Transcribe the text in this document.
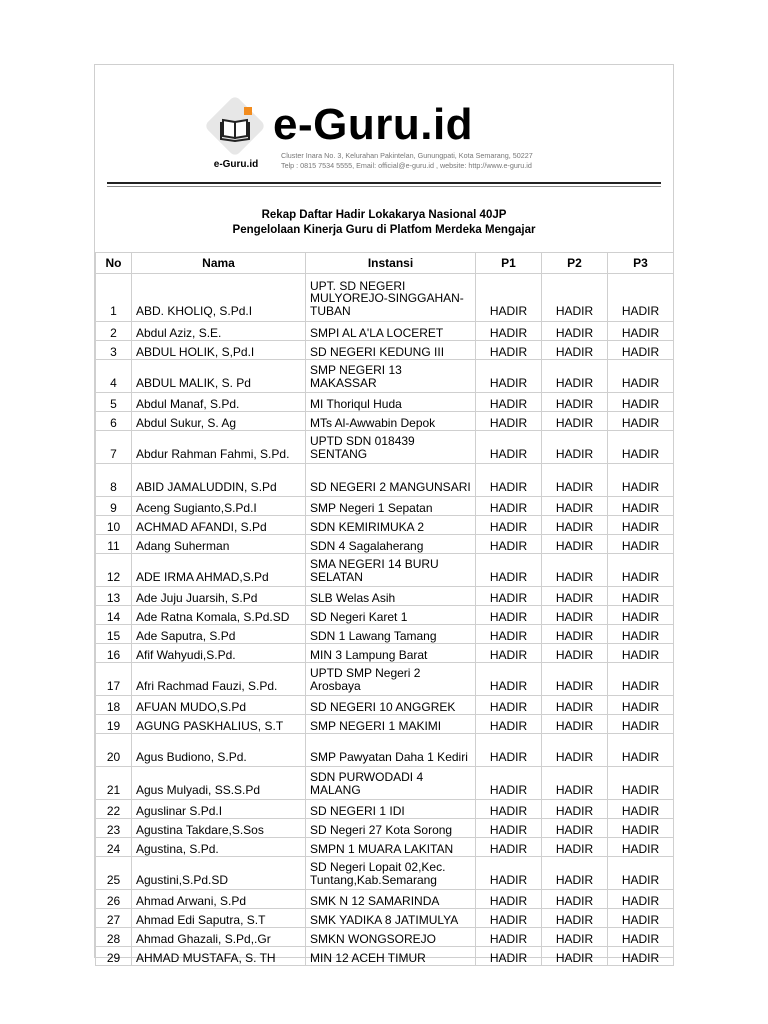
e-Guru.id
e-Guru.id
Cluster Inara No. 3, Kelurahan Pakintelan, Gunungpati, Kota Semarang, 50227
Telp : 0815 7534 5555, Email: official@e-guru.id , website: http://www.e-guru.id
Rekap Daftar Hadir Lokakarya Nasional 40JP
Pengelolaan Kinerja Guru di Platfom Merdeka Mengajar
No	Nama	Instansi	P1	P2	P3
1	ABD. KHOLIQ, S.Pd.I	UPT. SD NEGERI MULYOREJO-SINGGAHAN-TUBAN	HADIR	HADIR	HADIR
2	Abdul Aziz, S.E.	SMPI AL A'LA LOCERET	HADIR	HADIR	HADIR
3	ABDUL HOLIK, S,Pd.I	SD NEGERI KEDUNG III	HADIR	HADIR	HADIR
4	ABDUL MALIK, S. Pd	SMP NEGERI 13 MAKASSAR	HADIR	HADIR	HADIR
5	Abdul Manaf, S.Pd.	MI Thoriqul Huda	HADIR	HADIR	HADIR
6	Abdul Sukur, S. Ag	MTs Al-Awwabin Depok	HADIR	HADIR	HADIR
7	Abdur Rahman Fahmi, S.Pd.	UPTD SDN 018439 SENTANG	HADIR	HADIR	HADIR
8	ABID JAMALUDDIN, S.Pd	SD NEGERI 2 MANGUNSARI	HADIR	HADIR	HADIR
9	Aceng Sugianto,S.Pd.I	SMP Negeri 1 Sepatan	HADIR	HADIR	HADIR
10	ACHMAD AFANDI, S.Pd	SDN KEMIRIMUKA 2	HADIR	HADIR	HADIR
11	Adang Suherman	SDN 4 Sagalaherang	HADIR	HADIR	HADIR
12	ADE IRMA AHMAD,S.Pd	SMA NEGERI 14 BURU SELATAN	HADIR	HADIR	HADIR
13	Ade Juju Juarsih, S.Pd	SLB Welas Asih	HADIR	HADIR	HADIR
14	Ade Ratna Komala, S.Pd.SD	SD Negeri Karet 1	HADIR	HADIR	HADIR
15	Ade Saputra, S.Pd	SDN 1 Lawang Tamang	HADIR	HADIR	HADIR
16	Afif Wahyudi,S.Pd.	MIN 3 Lampung Barat	HADIR	HADIR	HADIR
17	Afri Rachmad Fauzi, S.Pd.	UPTD SMP Negeri 2 Arosbaya	HADIR	HADIR	HADIR
18	AFUAN MUDO,S.Pd	SD NEGERI 10 ANGGREK	HADIR	HADIR	HADIR
19	AGUNG PASKHALIUS, S.T	SMP NEGERI 1 MAKIMI	HADIR	HADIR	HADIR
20	Agus Budiono, S.Pd.	SMP Pawyatan Daha 1 Kediri	HADIR	HADIR	HADIR
21	Agus Mulyadi, SS.S.Pd	SDN PURWODADI 4 MALANG	HADIR	HADIR	HADIR
22	Aguslinar S.Pd.I	SD NEGERI 1 IDI	HADIR	HADIR	HADIR
23	Agustina Takdare,S.Sos	SD Negeri 27 Kota Sorong	HADIR	HADIR	HADIR
24	Agustina, S.Pd.	SMPN 1 MUARA LAKITAN	HADIR	HADIR	HADIR
25	Agustini,S.Pd.SD	SD Negeri Lopait 02,Kec. Tuntang,Kab.Semarang	HADIR	HADIR	HADIR
26	Ahmad Arwani, S.Pd	SMK N 12 SAMARINDA	HADIR	HADIR	HADIR
27	Ahmad Edi Saputra, S.T	SMK YADIKA 8 JATIMULYA	HADIR	HADIR	HADIR
28	Ahmad Ghazali, S.Pd,.Gr	SMKN WONGSOREJO	HADIR	HADIR	HADIR
29	AHMAD MUSTAFA, S. TH	MIN 12 ACEH TIMUR	HADIR	HADIR	HADIR
